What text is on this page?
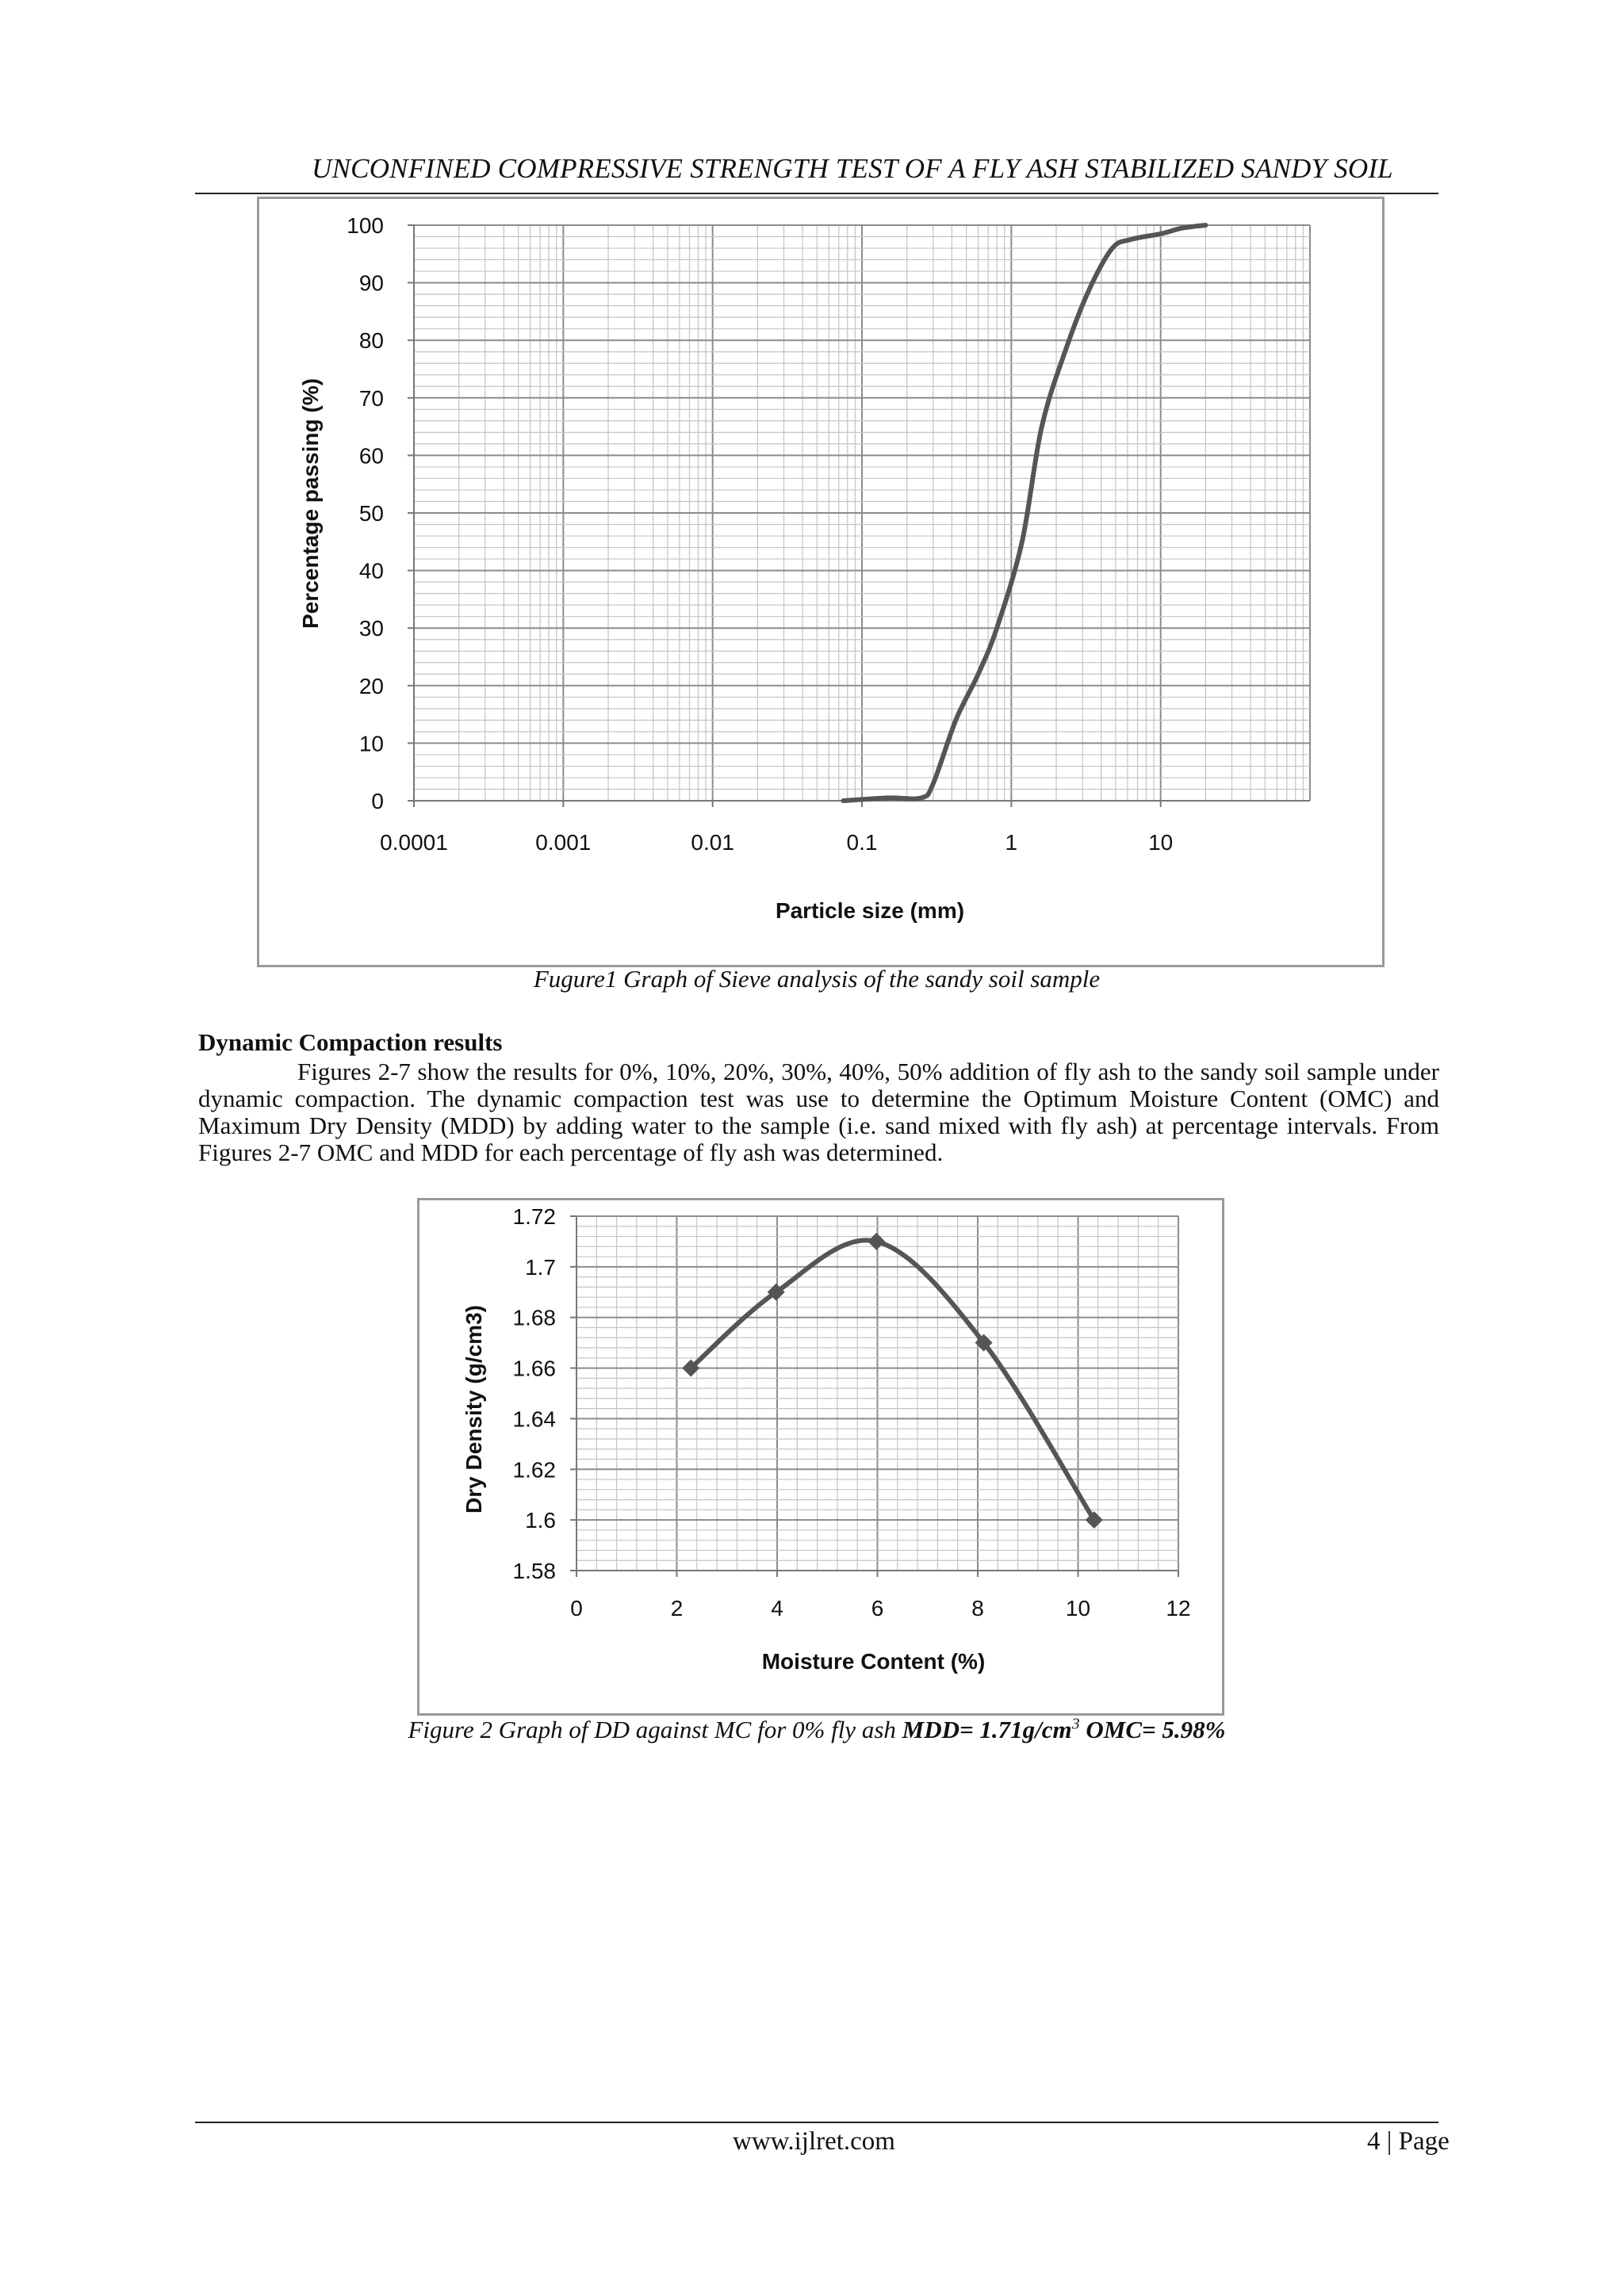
UNCONFINED COMPRESSIVE STRENGTH TEST OF A FLY ASH STABILIZED SANDY SOIL
0
10
20
30
40
50
60
70
80
90
100
0.0001	0.001	0.01	0.1	1	10
Particle size (mm)
Percentage passing (%)
Fugure1 Graph of Sieve analysis of the sandy soil sample
Dynamic Compaction results
Figures 2-7 show the results for 0%, 10%, 20%, 30%, 40%, 50% addition of fly ash to the sandy soil sample under dynamic compaction. The dynamic compaction test was use to determine the Optimum Moisture Content (OMC) and Maximum Dry Density (MDD) by adding water to the sample (i.e. sand mixed with fly ash) at percentage intervals. From Figures 2-7 OMC and MDD for each percentage of fly ash was determined.
1.58
1.6
1.62
1.64
1.66
1.68
1.7
1.72
0	2	4	6	8	10	12
Moisture Content (%)
Dry Density (g/cm3)
Figure 2 Graph of DD against MC for 0% fly ash $MDD= 1.71g/cm^3$ OMC= 5.98%
www.ijlret.com	4 | Page
